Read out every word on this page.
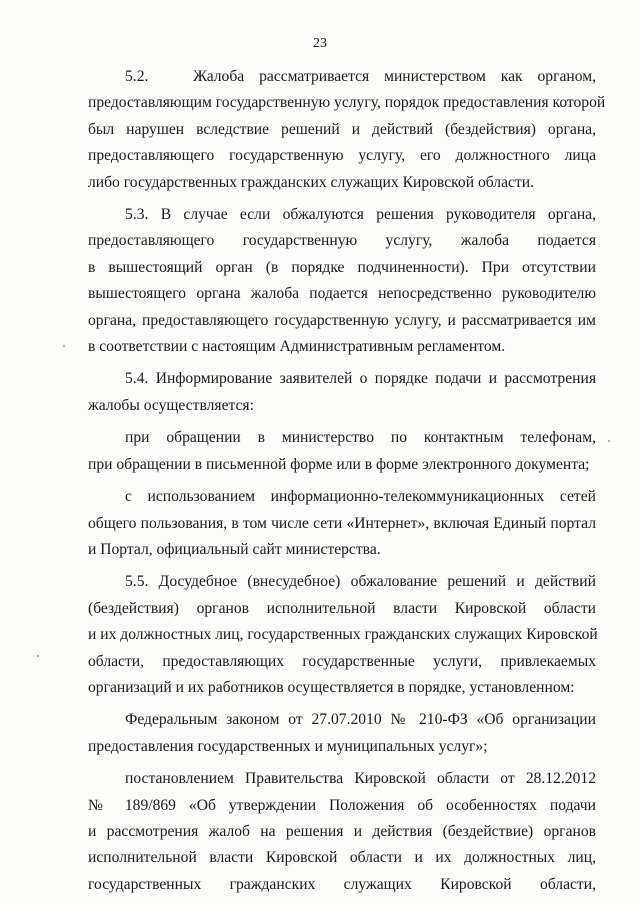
23
5.2.   Жалоба рассматривается министерством как органом,
предоставляющим государственную услугу, порядок предоставления которой
был нарушен вследствие решений и действий (бездействия) органа,
предоставляющего государственную услугу, его должностного лица
либо государственных гражданских служащих Кировской области.
5.3. В случае если обжалуются решения руководителя органа,
предоставляющего государственную услугу, жалоба подается
в вышестоящий орган (в порядке подчиненности). При отсутствии
вышестоящего органа жалоба подается непосредственно руководителю
органа, предоставляющего государственную услугу, и рассматривается им
в соответствии с настоящим Административным регламентом.
5.4. Информирование заявителей о порядке подачи и рассмотрения
жалобы осуществляется:
при обращении в министерство по контактным телефонам,
при обращении в письменной форме или в форме электронного документа;
с использованием информационно-телекоммуникационных сетей
общего пользования, в том числе сети «Интернет», включая Единый портал
и Портал, официальный сайт министерства.
5.5. Досудебное (внесудебное) обжалование решений и действий
(бездействия) органов исполнительной власти Кировской области
и их должностных лиц, государственных гражданских служащих Кировской
области, предоставляющих государственные услуги, привлекаемых
организаций и их работников осуществляется в порядке, установленном:
Федеральным законом от 27.07.2010 № 210-ФЗ «Об организации
предоставления государственных и муниципальных услуг»;
постановлением Правительства Кировской области от 28.12.2012
№ 189/869 «Об утверждении Положения об особенностях подачи
и рассмотрения жалоб на решения и действия (бездействие) органов
исполнительной власти Кировской области и их должностных лиц,
государственных гражданских служащих Кировской области,
